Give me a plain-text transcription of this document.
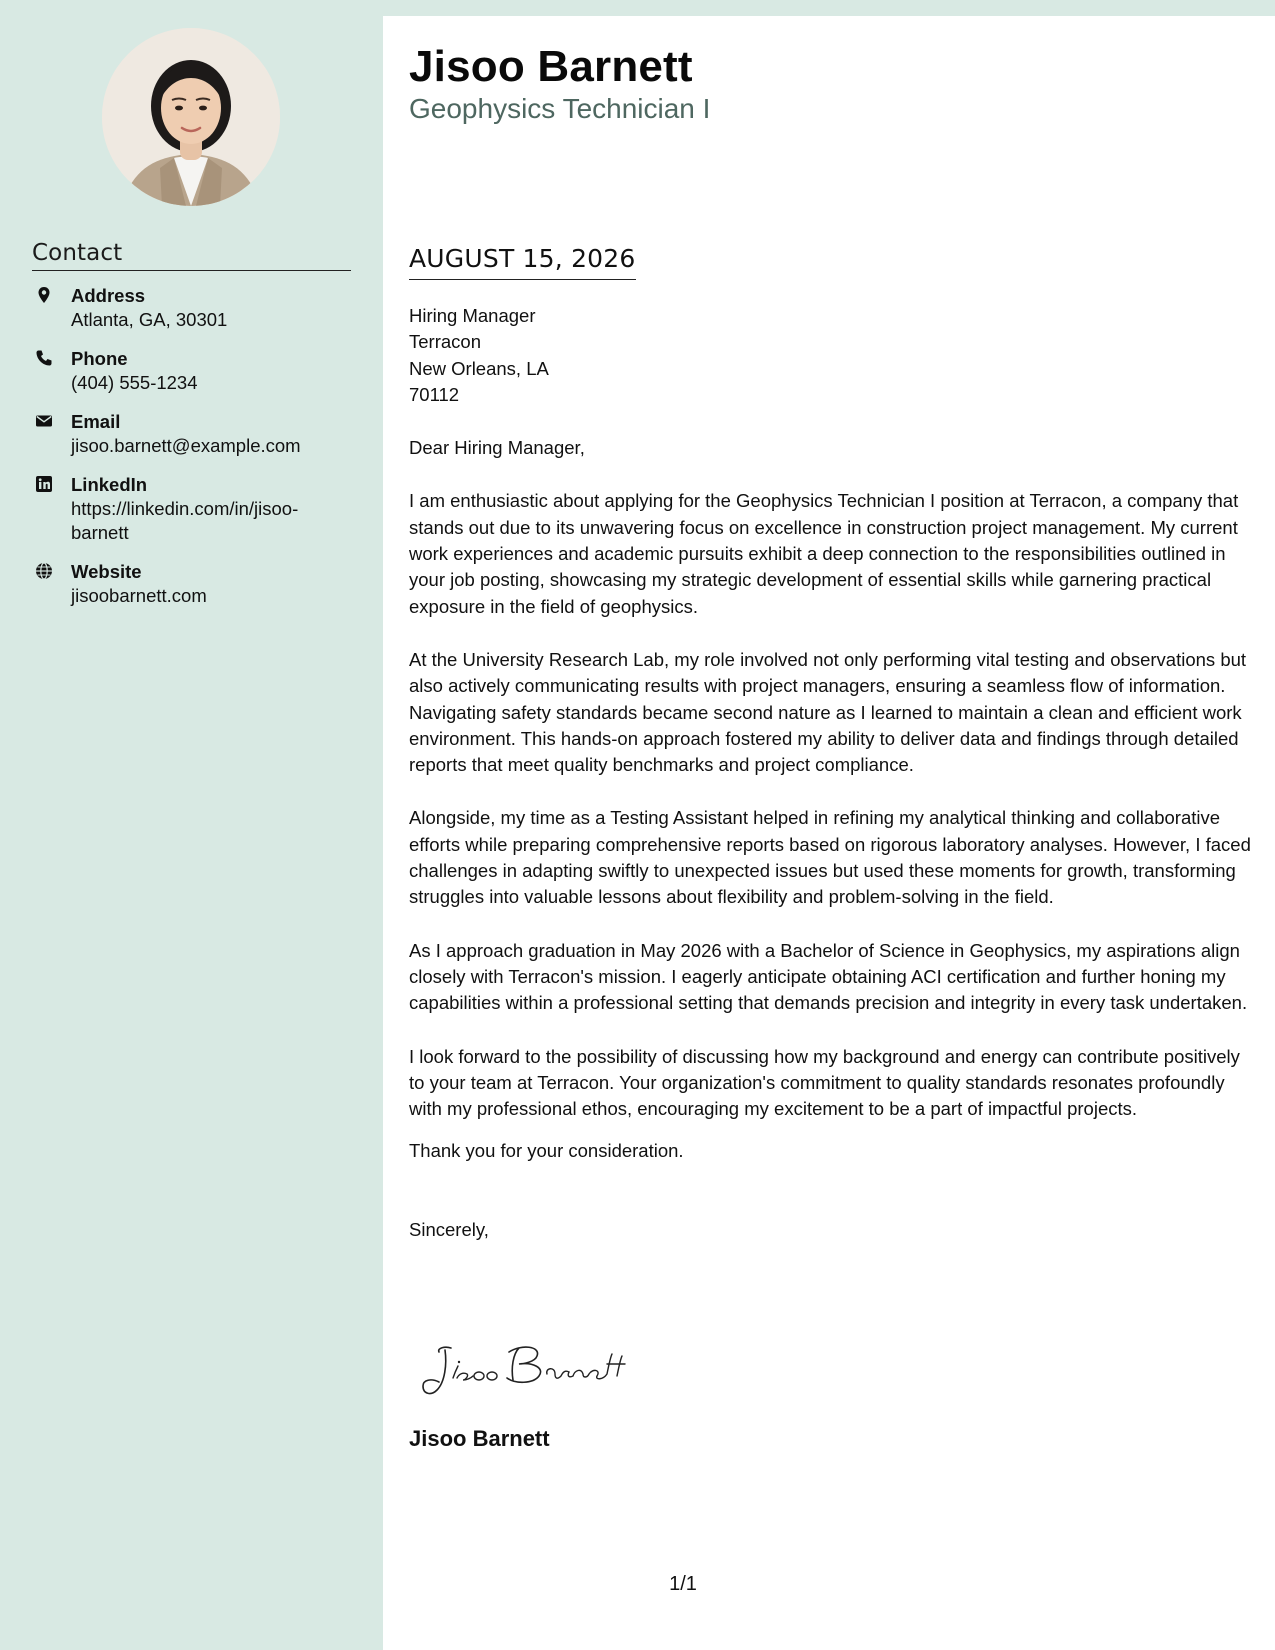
Contact
Address
Atlanta, GA, 30301
Phone
(404) 555-1234
Email
jisoo.barnett@example.com
LinkedIn
https://linkedin.com/in/jisoo-barnett
Website
jisoobarnett.com
Jisoo Barnett
Geophysics Technician I
AUGUST 15, 2026
Hiring Manager
Terracon
New Orleans, LA
70112
Dear Hiring Manager,
I am enthusiastic about applying for the Geophysics Technician I position at Terracon, a company that stands out due to its unwavering focus on excellence in construction project management. My current work experiences and academic pursuits exhibit a deep connection to the responsibilities outlined in your job posting, showcasing my strategic development of essential skills while garnering practical exposure in the field of geophysics.
At the University Research Lab, my role involved not only performing vital testing and observations but also actively communicating results with project managers, ensuring a seamless flow of information. Navigating safety standards became second nature as I learned to maintain a clean and efficient work environment. This hands-on approach fostered my ability to deliver data and findings through detailed reports that meet quality benchmarks and project compliance.
Alongside, my time as a Testing Assistant helped in refining my analytical thinking and collaborative efforts while preparing comprehensive reports based on rigorous laboratory analyses. However, I faced challenges in adapting swiftly to unexpected issues but used these moments for growth, transforming struggles into valuable lessons about flexibility and problem-solving in the field.
As I approach graduation in May 2026 with a Bachelor of Science in Geophysics, my aspirations align closely with Terracon's mission. I eagerly anticipate obtaining ACI certification and further honing my capabilities within a professional setting that demands precision and integrity in every task undertaken.
I look forward to the possibility of discussing how my background and energy can contribute positively to your team at Terracon. Your organization's commitment to quality standards resonates profoundly with my professional ethos, encouraging my excitement to be a part of impactful projects.
Thank you for your consideration.
Sincerely,
Jisoo Barnett
1/1
